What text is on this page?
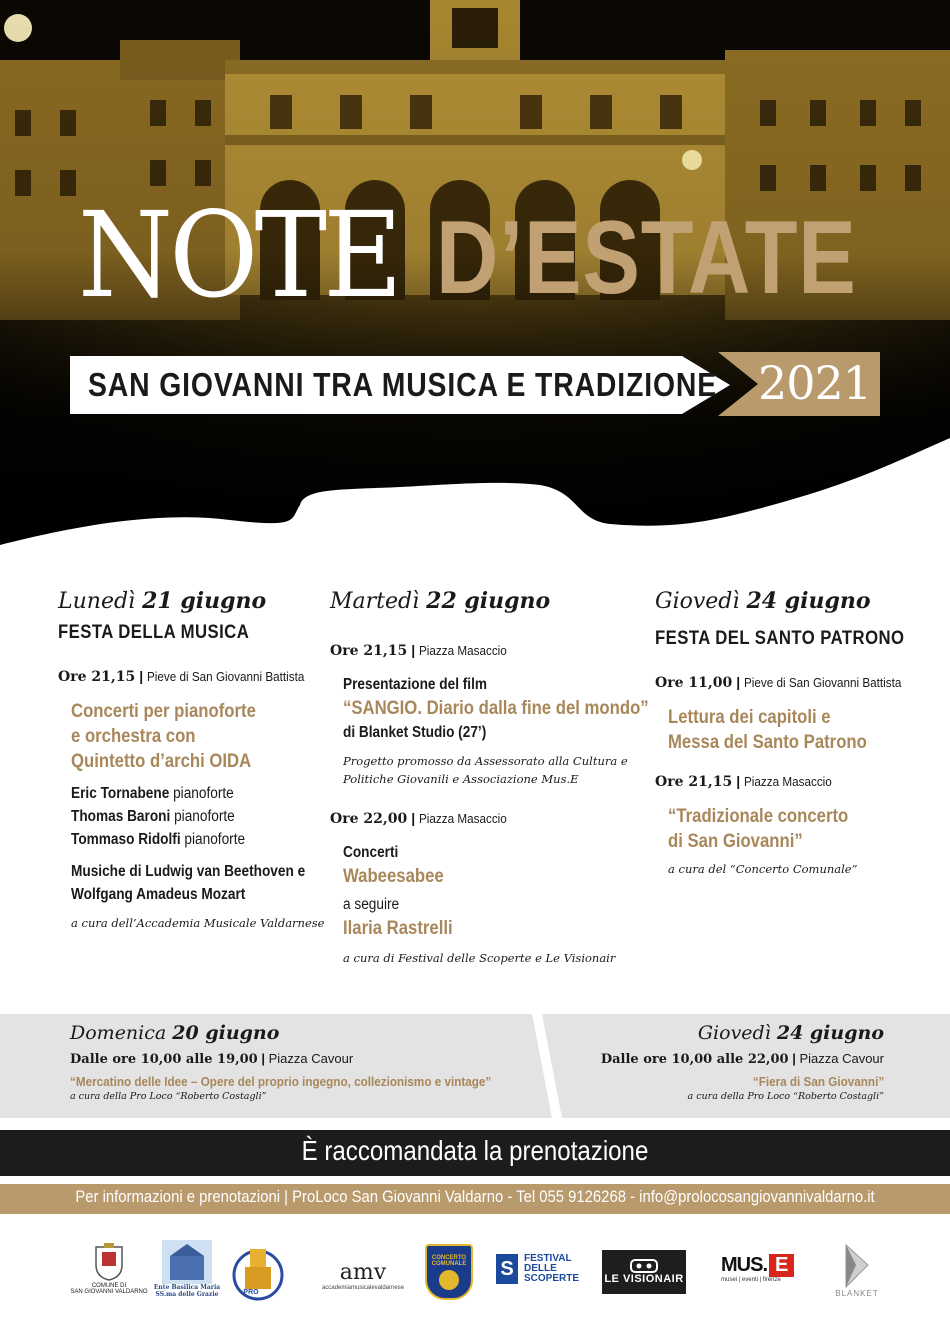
NOTE D’ESTATE
SAN GIOVANNI TRA MUSICA E TRADIZIONE 2021
Lunedì 21 giugno
FESTA DELLA MUSICA
Ore 21,15 | Pieve di San Giovanni Battista
Concerti per pianoforte
e orchestra con
Quintetto d’archi OIDA
Eric Tornabene pianoforte
Thomas Baroni pianoforte
Tommaso Ridolfi pianoforte
Musiche di Ludwig van Beethoven e
Wolfgang Amadeus Mozart
a cura dell’Accademia Musicale Valdarnese
Martedì 22 giugno
Ore 21,15 | Piazza Masaccio
Presentazione del film
“SANGIO. Diario dalla fine del mondo”
di Blanket Studio (27’)
Progetto promosso da Assessorato alla Cultura e
Politiche Giovanili e Associazione Mus.E
Ore 22,00 | Piazza Masaccio
Concerti
Wabeesabee
a seguire
Ilaria Rastrelli
a cura di Festival delle Scoperte e Le Visionair
Giovedì 24 giugno
FESTA DEL SANTO PATRONO
Ore 11,00 | Pieve di San Giovanni Battista
Lettura dei capitoli e
Messa del Santo Patrono
Ore 21,15 | Piazza Masaccio
“Tradizionale concerto
di San Giovanni”
a cura del “Concerto Comunale”
Domenica 20 giugno
Dalle ore 10,00 alle 19,00 | Piazza Cavour
“Mercatino delle Idee – Opere del proprio ingegno, collezionismo e vintage”
a cura della Pro Loco “Roberto Costagli”
Giovedì 24 giugno
Dalle ore 10,00 alle 22,00 | Piazza Cavour
“Fiera di San Giovanni”
a cura della Pro Loco “Roberto Costagli”
È raccomandata la prenotazione
Per informazioni e prenotazioni | ProLoco San Giovanni Valdarno - Tel 055 9126268 - info@prolocosangiovannivaldarno.it
COMUNE DI
SAN GIOVANNI VALDARNO
Ente Basilica Maria
SS.ma delle Grazie	PRO
amv
accademiamusicalevaldarnese
CONCERTO
COMUNALE S	FESTIVAL
DELLE
SCOPERTE LE VISIONAIR
MUS. E
musei | eventi | firenze
BLANKET
